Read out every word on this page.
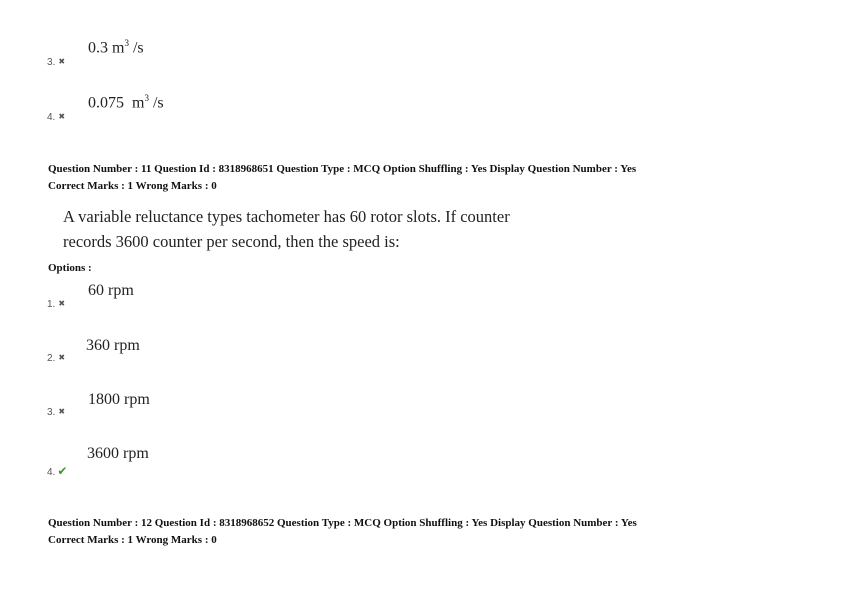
0.3 $m^3$ /s
3. ✖
0.075 $m^3$ /s
4. ✖
Question Number : 11 Question Id : 8318968651 Question Type : MCQ Option Shuffling : Yes Display Question Number : Yes
Correct Marks : 1 Wrong Marks : 0
A variable reluctance types tachometer has 60 rotor slots. If counter
records 3600 counter per second, then the speed is:
Options :
60 rpm
1. ✖
360 rpm
2. ✖
1800 rpm
3. ✖
3600 rpm
4. ✔
Question Number : 12 Question Id : 8318968652 Question Type : MCQ Option Shuffling : Yes Display Question Number : Yes
Correct Marks : 1 Wrong Marks : 0
